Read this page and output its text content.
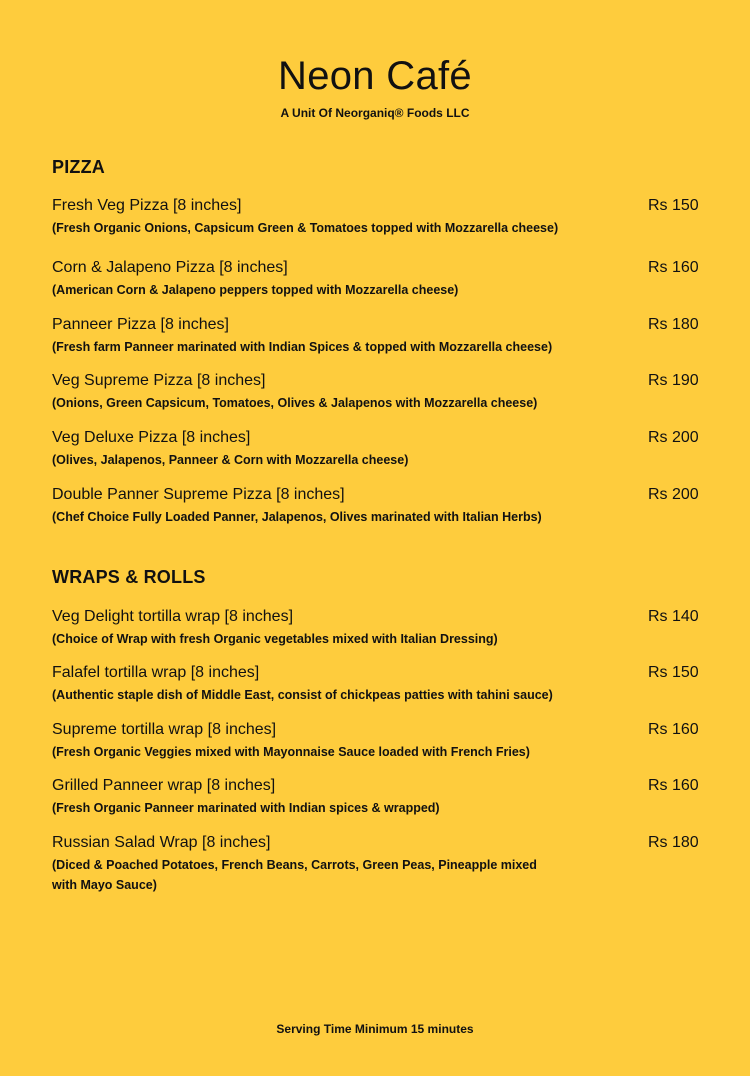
Neon Café
A Unit Of Neorganiq® Foods LLC
PIZZA
Fresh Veg Pizza [8 inches]	Rs 150
(Fresh Organic Onions, Capsicum Green & Tomatoes topped with Mozzarella cheese)
Corn & Jalapeno Pizza [8 inches]	Rs 160
(American Corn & Jalapeno peppers topped with Mozzarella cheese)
Panneer Pizza [8 inches]	Rs 180
(Fresh farm Panneer marinated with Indian Spices & topped with Mozzarella cheese)
Veg Supreme Pizza [8 inches]	Rs 190
(Onions, Green Capsicum, Tomatoes, Olives & Jalapenos with Mozzarella cheese)
Veg Deluxe Pizza [8 inches]	Rs 200
(Olives, Jalapenos, Panneer & Corn with Mozzarella cheese)
Double Panner Supreme Pizza [8 inches]	Rs 200
(Chef Choice Fully Loaded Panner, Jalapenos, Olives marinated with Italian Herbs)
WRAPS & ROLLS
Veg Delight tortilla wrap [8 inches]	Rs 140
(Choice of Wrap with fresh Organic vegetables mixed with Italian Dressing)
Falafel tortilla wrap [8 inches]	Rs 150
(Authentic staple dish of Middle East, consist of chickpeas patties with tahini sauce)
Supreme tortilla wrap [8 inches]	Rs 160
(Fresh Organic Veggies mixed with Mayonnaise Sauce loaded with French Fries)
Grilled Panneer wrap [8 inches]	Rs 160
(Fresh Organic Panneer marinated with Indian spices & wrapped)
Russian Salad Wrap [8 inches]	Rs 180
(Diced & Poached Potatoes, French Beans, Carrots, Green Peas, Pineapple mixed with Mayo Sauce)
Serving Time Minimum 15 minutes
